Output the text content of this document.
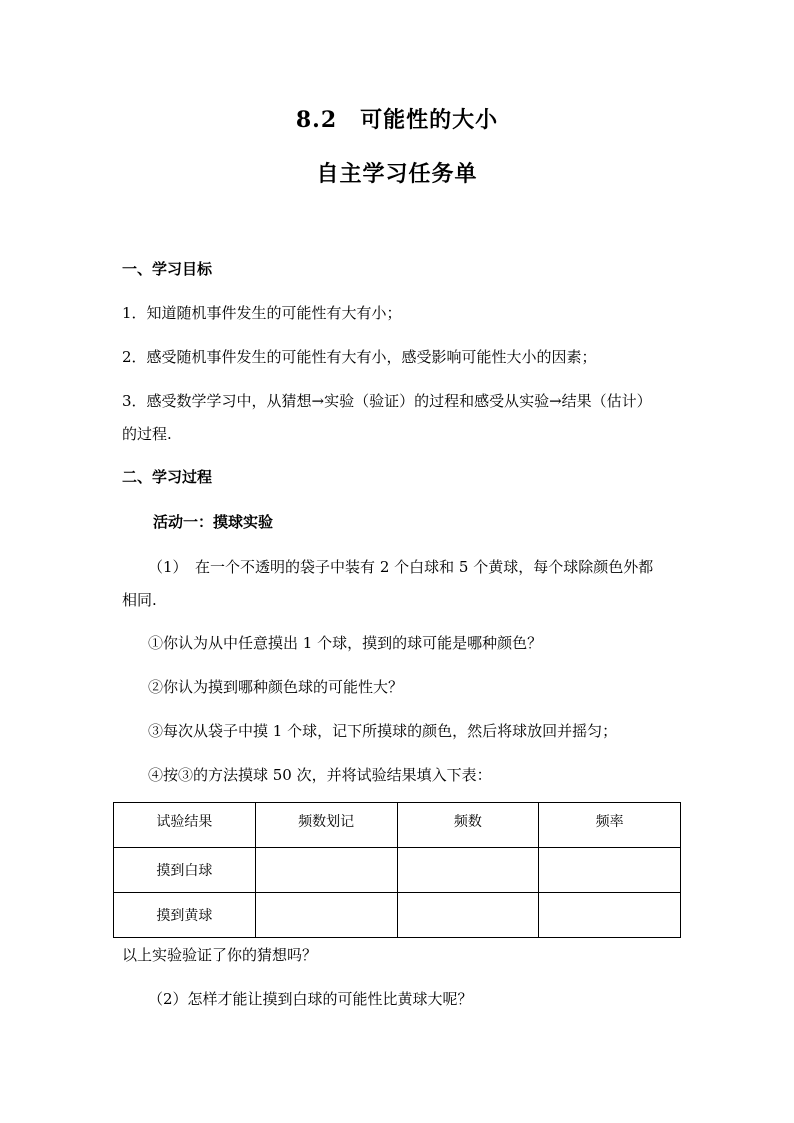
8.2　可能性的大小
自主学习任务单
一、学习目标
1．知道随机事件发生的可能性有大有小；
2．感受随机事件发生的可能性有大有小，感受影响可能性大小的因素；
3．感受数学学习中，从猜想→实验（验证）的过程和感受从实验→结果（估计）
的过程.
二、学习过程
活动一：摸球实验
（1）　在一个不透明的袋子中装有 2 个白球和 5 个黄球，每个球除颜色外都
相同.
①你认为从中任意摸出 1 个球，摸到的球可能是哪种颜色？
②你认为摸到哪种颜色球的可能性大？
③每次从袋子中摸 1 个球，记下所摸球的颜色，然后将球放回并摇匀；
④按③的方法摸球 50 次，并将试验结果填入下表：
试验结果	频数划记	频数	频率
摸到白球			
摸到黄球			
以上实验验证了你的猜想吗？
（2）怎样才能让摸到白球的可能性比黄球大呢？
